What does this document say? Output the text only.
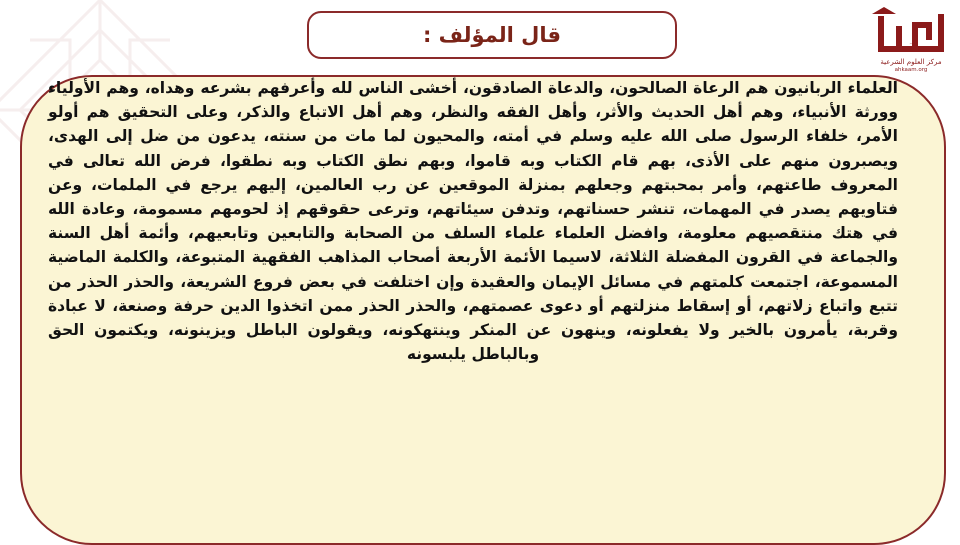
قال المؤلف :

العلماء الربانيون هم الرعاة الصالحون، والدعاة الصادقون، أخشى الناس لله وأعرفهم بشرعه وهداه، وهم الأولياء وورثة الأنبياء، وهم أهل الحديث والأثر، وأهل الفقه والنظر، وهم أهل الاتباع والذكر، وعلى التحقيق هم أولو الأمر، خلفاء الرسول صلى الله عليه وسلم في أمته، والمحيون لما مات من سنته، يدعون من ضل إلى الهدى، ويصبرون منهم على الأذى، بهم قام الكتاب وبه قاموا، وبهم نطق الكتاب وبه نطقوا، فرض الله تعالى في المعروف طاعتهم، وأمر بمحبتهم وجعلهم بمنزلة الموقعين عن رب العالمين، إليهم يرجع في الملمات، وعن فتاويهم يصدر في المهمات، تنشر حسناتهم، وتدفن سيئاتهم، وترعى حقوقهم إذ لحومهم مسمومة، وعادة الله في هتك منتقصيهم معلومة، وافضل العلماء علماء السلف من الصحابة والتابعين وتابعيهم، وأئمة أهل السنة والجماعة في القرون المفضلة الثلاثة، لاسيما الأئمة الأربعة أصحاب المذاهب الفقهية المتبوعة، والكلمة الماضية المسموعة، اجتمعت كلمتهم في مسائل الإيمان والعقيدة وإن اختلفت في بعض فروع الشريعة، والحذر الحذر من تتبع واتباع زلاتهم، أو إسقاط منزلتهم أو دعوى عصمتهم، والحذر الحذر ممن اتخذوا الدين حرفة وصنعة، لا عبادة وقربة، يأمرون بالخير ولا يفعلونه، وينهون عن المنكر وينتهكونه، ويقولون الباطل ويزينونه، ويكتمون الحق وبالباطل يلبسونه

إحكام
مركز العلوم الشرعية
ahkaam.org
